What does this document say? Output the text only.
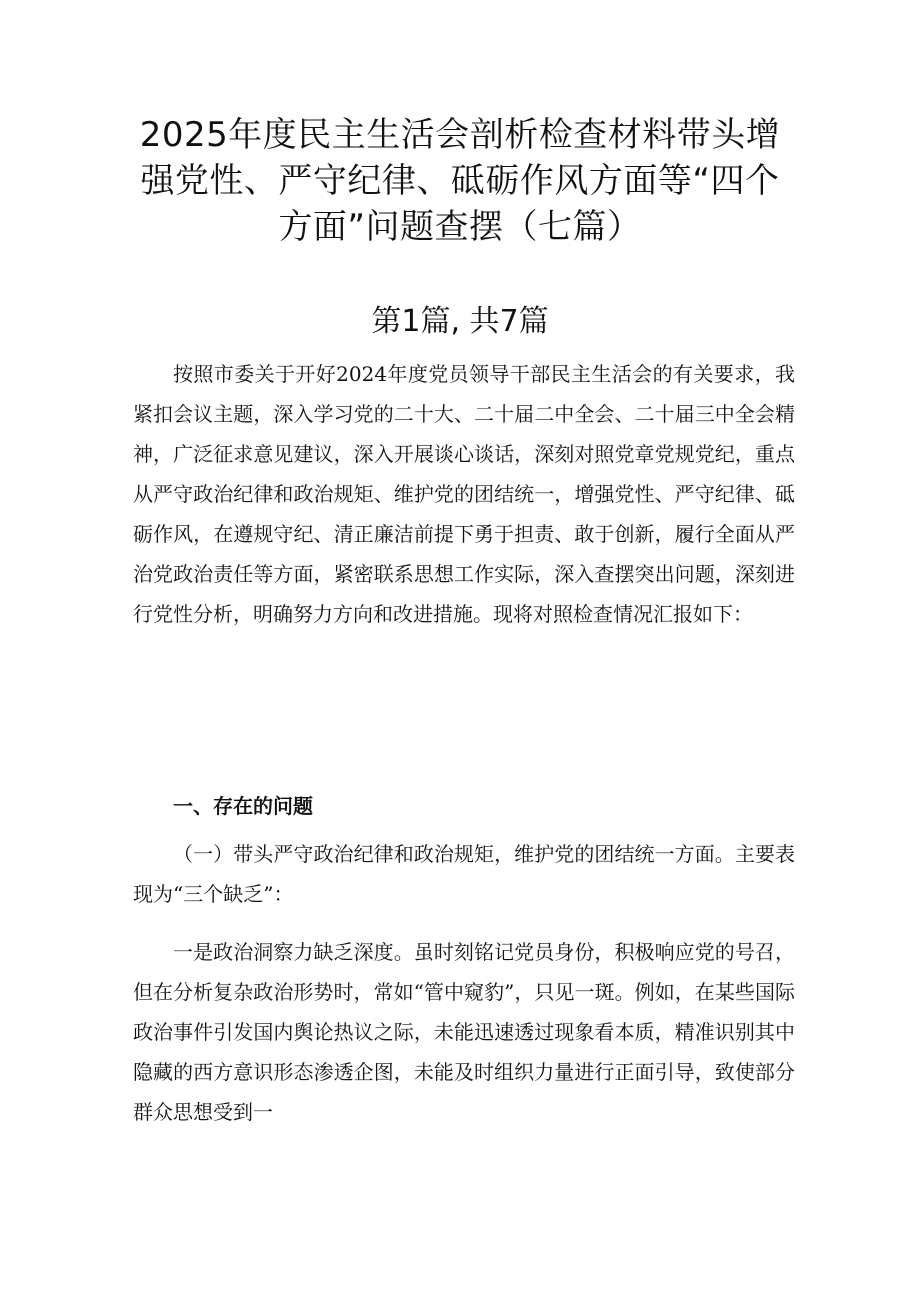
2025年度民主生活会剖析检查材料带头增
强党性、严守纪律、砥砺作风方面等“四个
方面”问题查摆（七篇）
第1篇, 共7篇

按照市委关于开好2024年度党员领导干部民主生活会的有关要求，我紧扣会议主题，深入学习党的二十大、二十届二中全会、二十届三中全会精神，广泛征求意见建议，深入开展谈心谈话，深刻对照党章党规党纪，重点从严守政治纪律和政治规矩、维护党的团结统一，增强党性、严守纪律、砥砺作风，在遵规守纪、清正廉洁前提下勇于担责、敢于创新，履行全面从严治党政治责任等方面，紧密联系思想工作实际，深入查摆突出问题，深刻进行党性分析，明确努力方向和改进措施。现将对照检查情况汇报如下：

一、存在的问题

（一）带头严守政治纪律和政治规矩，维护党的团结统一方面。主要表现为“三个缺乏”：

一是政治洞察力缺乏深度。虽时刻铭记党员身份，积极响应党的号召，但在分析复杂政治形势时，常如“管中窥豹”，只见一斑。例如，在某些国际政治事件引发国内舆论热议之际，未能迅速透过现象看本质，精准识别其中隐藏的西方意识形态渗透企图，未能及时组织力量进行正面引导，致使部分群众思想受到一
